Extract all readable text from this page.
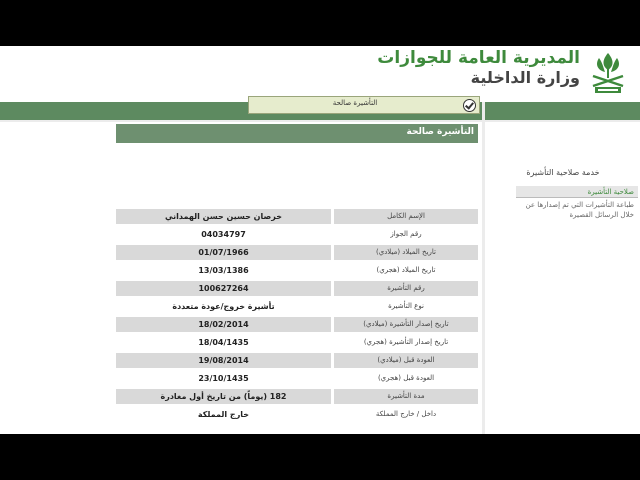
المديرية العامة للجوازات
وزارة الداخلية
التأشيرة صالحة
التأشيرة صالحة
الإسم الكامل
خرصان حسين حسن الهمداني
رقم الجواز
04034797
تاريخ الميلاد (ميلادي)
01/07/1966
تاريخ الميلاد (هجري)
13/03/1386
رقم التأشيرة
100627264
نوع التأشيرة
تأشيرة خروج/عودة متعددة
تاريخ إصدار التأشيرة (ميلادي)
18/02/2014
تاريخ إصدار التأشيرة (هجري)
18/04/1435
العودة قبل (ميلادي)
19/08/2014
العودة قبل (هجري)
23/10/1435
مدة التأشيرة
182 (يوماً) من تاريخ أول مغادرة
داخل / خارج المملكة
خارج المملكة
خدمة صلاحية التأشيرة
صلاحية التأشيرة
طباعة التأشيرات التي تم إصدارها عن خلال الرسائل القصيرة
